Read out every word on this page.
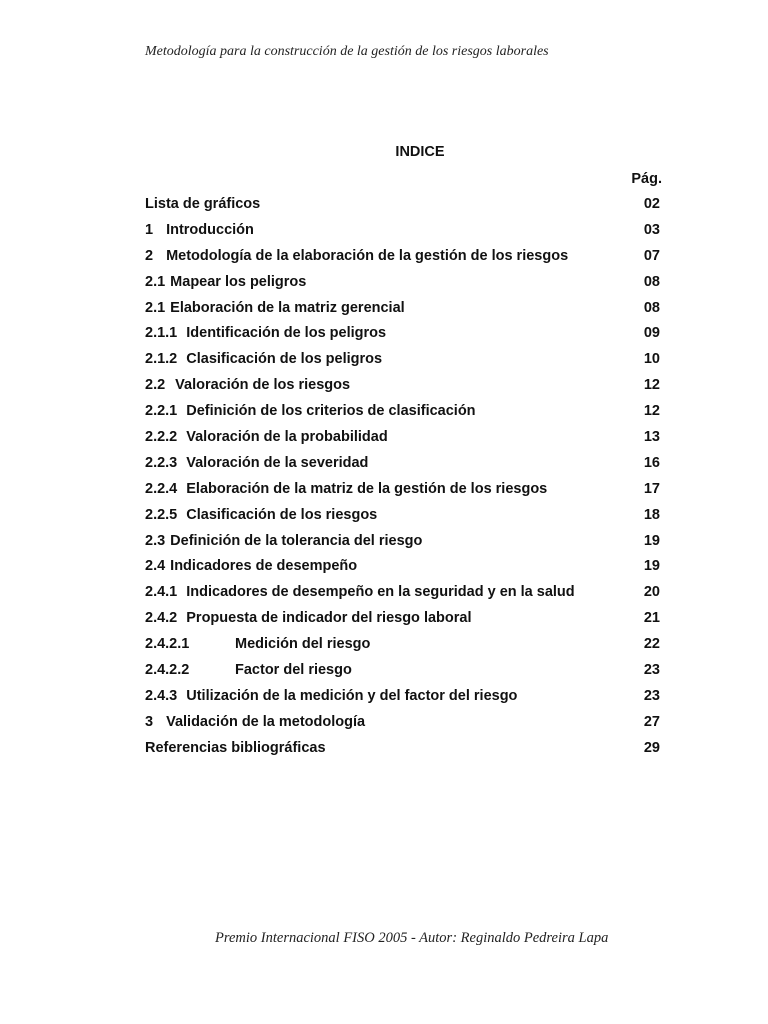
Metodología para la construcción de la gestión de los riesgos laborales
INDICE
Pág.
Lista de gráficos	02
1 Introducción	03
2 Metodología de la elaboración de la gestión de los riesgos	07
2.1 Mapear los peligros	08
2.1 Elaboración de la matriz gerencial	08
2.1.1 Identificación de los peligros	09
2.1.2 Clasificación de los peligros	10
2.2 Valoración de los riesgos	12
2.2.1 Definición de los criterios de clasificación	12
2.2.2 Valoración de la probabilidad	13
2.2.3 Valoración de la severidad	16
2.2.4 Elaboración de la matriz de la gestión de los riesgos	17
2.2.5 Clasificación de los riesgos	18
2.3 Definición de la tolerancia del riesgo	19
2.4 Indicadores de desempeño	19
2.4.1 Indicadores de desempeño en la seguridad y en la salud	20
2.4.2 Propuesta de indicador del riesgo laboral	21
2.4.2.1	Medición del riesgo	22
2.4.2.2	Factor del riesgo	23
2.4.3 Utilización de la medición y del factor del riesgo	23
3 Validación de la metodología	27
Referencias bibliográficas	29
Premio Internacional FISO 2005 - Autor: Reginaldo Pedreira Lapa
